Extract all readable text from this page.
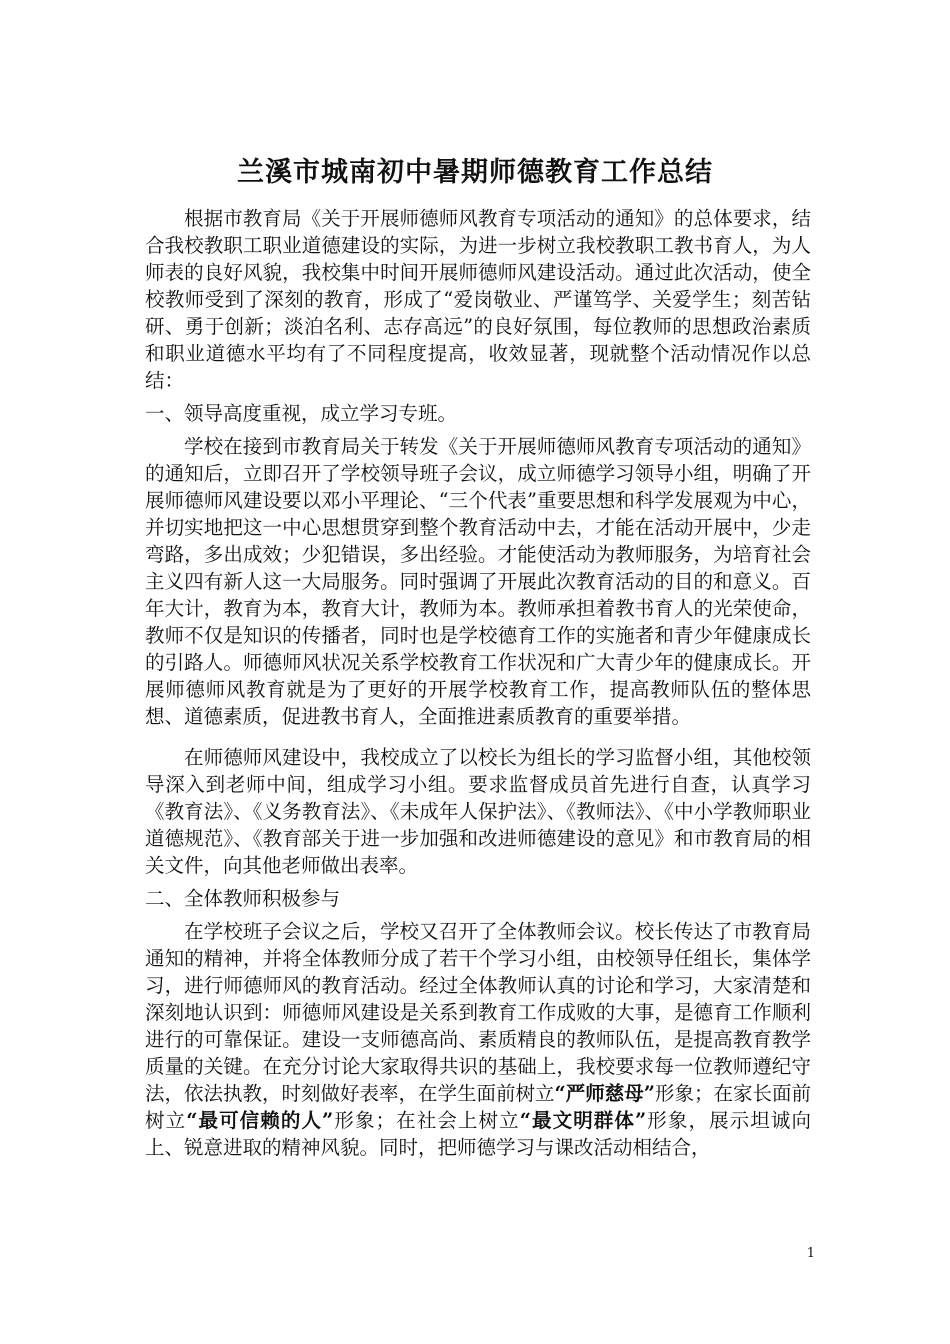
兰溪市城南初中暑期师德教育工作总结

根据市教育局《关于开展师德师风教育专项活动的通知》的总体要求，结合我校教职工职业道德建设的实际，为进一步树立我校教职工教书育人，为人师表的良好风貌，我校集中时间开展师德师风建设活动。通过此次活动，使全校教师受到了深刻的教育，形成了“爱岗敬业、严谨笃学、关爱学生；刻苦钻研、勇于创新；淡泊名利、志存高远”的良好氛围，每位教师的思想政治素质和职业道德水平均有了不同程度提高，收效显著，现就整个活动情况作以总结：

一、领导高度重视，成立学习专班。

学校在接到市教育局关于转发《关于开展师德师风教育专项活动的通知》的通知后，立即召开了学校领导班子会议，成立师德学习领导小组，明确了开展师德师风建设要以邓小平理论、“三个代表”重要思想和科学发展观为中心，并切实地把这一中心思想贯穿到整个教育活动中去，才能在活动开展中，少走弯路，多出成效；少犯错误，多出经验。才能使活动为教师服务，为培育社会主义四有新人这一大局服务。同时强调了开展此次教育活动的目的和意义。百年大计，教育为本，教育大计，教师为本。教师承担着教书育人的光荣使命，教师不仅是知识的传播者，同时也是学校德育工作的实施者和青少年健康成长的引路人。师德师风状况关系学校教育工作状况和广大青少年的健康成长。开展师德师风教育就是为了更好的开展学校教育工作，提高教师队伍的整体思想、道德素质，促进教书育人，全面推进素质教育的重要举措。

在师德师风建设中，我校成立了以校长为组长的学习监督小组，其他校领导深入到老师中间，组成学习小组。要求监督成员首先进行自查，认真学习《教育法》、《义务教育法》、《未成年人保护法》、《教师法》、《中小学教师职业道德规范》、《教育部关于进一步加强和改进师德建设的意见》和市教育局的相关文件，向其他老师做出表率。

二、全体教师积极参与

在学校班子会议之后，学校又召开了全体教师会议。校长传达了市教育局通知的精神，并将全体教师分成了若干个学习小组，由校领导任组长，集体学习，进行师德师风的教育活动。经过全体教师认真的讨论和学习，大家清楚和深刻地认识到：师德师风建设是关系到教育工作成败的大事，是德育工作顺利进行的可靠保证。建设一支师德高尚、素质精良的教师队伍，是提高教育教学质量的关键。在充分讨论大家取得共识的基础上，我校要求每一位教师遵纪守法，依法执教，时刻做好表率，在学生面前树立“严师慈母”形象；在家长面前树立“最可信赖的人”形象；在社会上树立“最文明群体”形象，展示坦诚向上、锐意进取的精神风貌。同时，把师德学习与课改活动相结合，

1
